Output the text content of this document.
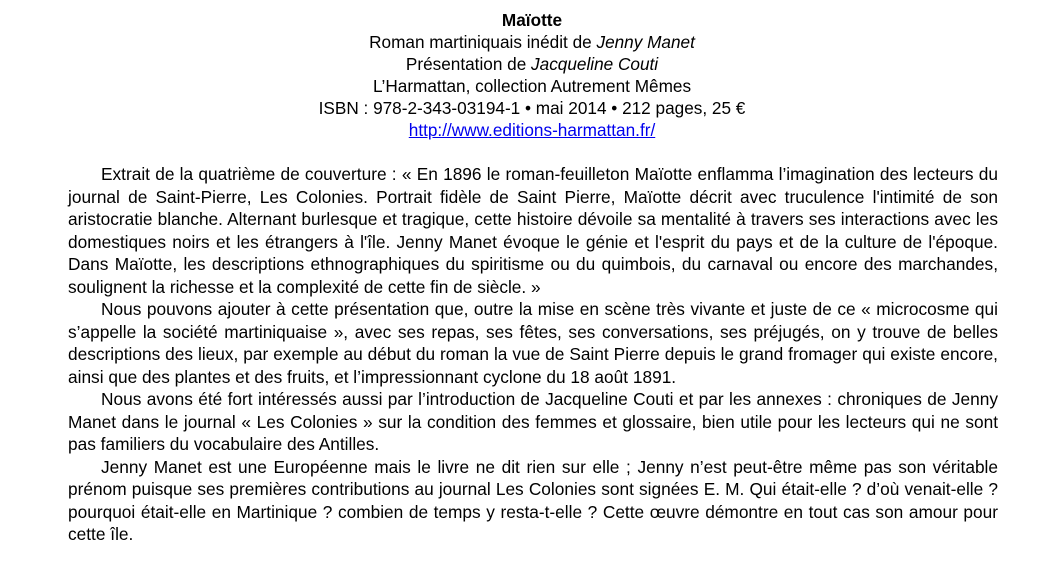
Maïotte
Roman martiniquais inédit de Jenny Manet
Présentation de Jacqueline Couti
L’Harmattan, collection Autrement Mêmes
ISBN : 978-2-343-03194-1 • mai 2014 • 212 pages, 25 €
http://www.editions-harmattan.fr/

Extrait de la quatrième de couverture : « En 1896 le roman-feuilleton Maïotte enflamma l’imagination des lecteurs du journal de Saint-Pierre, Les Colonies. Portrait fidèle de Saint Pierre, Maïotte décrit avec truculence l'intimité de son aristocratie blanche. Alternant burlesque et tragique, cette histoire dévoile sa mentalité à travers ses interactions avec les domestiques noirs et les étrangers à l'île. Jenny Manet évoque le génie et l'esprit du pays et de la culture de l'époque. Dans Maïotte, les descriptions ethnographiques du spiritisme ou du quimbois, du carnaval ou encore des marchandes, soulignent la richesse et la complexité de cette fin de siècle. »

Nous pouvons ajouter à cette présentation que, outre la mise en scène très vivante et juste de ce « microcosme qui s’appelle la société martiniquaise », avec ses repas, ses fêtes, ses conversations, ses préjugés, on y trouve de belles descriptions des lieux, par exemple au début du roman la vue de Saint Pierre depuis le grand fromager qui existe encore, ainsi que des plantes et des fruits, et l’impressionnant cyclone du 18 août 1891.

Nous avons été fort intéressés aussi par l’introduction de Jacqueline Couti et par les annexes : chroniques de Jenny Manet dans le journal « Les Colonies » sur la condition des femmes et glossaire, bien utile pour les lecteurs qui ne sont pas familiers du vocabulaire des Antilles.

Jenny Manet est une Européenne mais le livre ne dit rien sur elle ; Jenny n’est peut-être même pas son véritable prénom puisque ses premières contributions au journal Les Colonies sont signées E. M. Qui était-elle ? d’où venait-elle ? pourquoi était-elle en Martinique ? combien de temps y resta-t-elle ? Cette œuvre démontre en tout cas son amour pour cette île.
